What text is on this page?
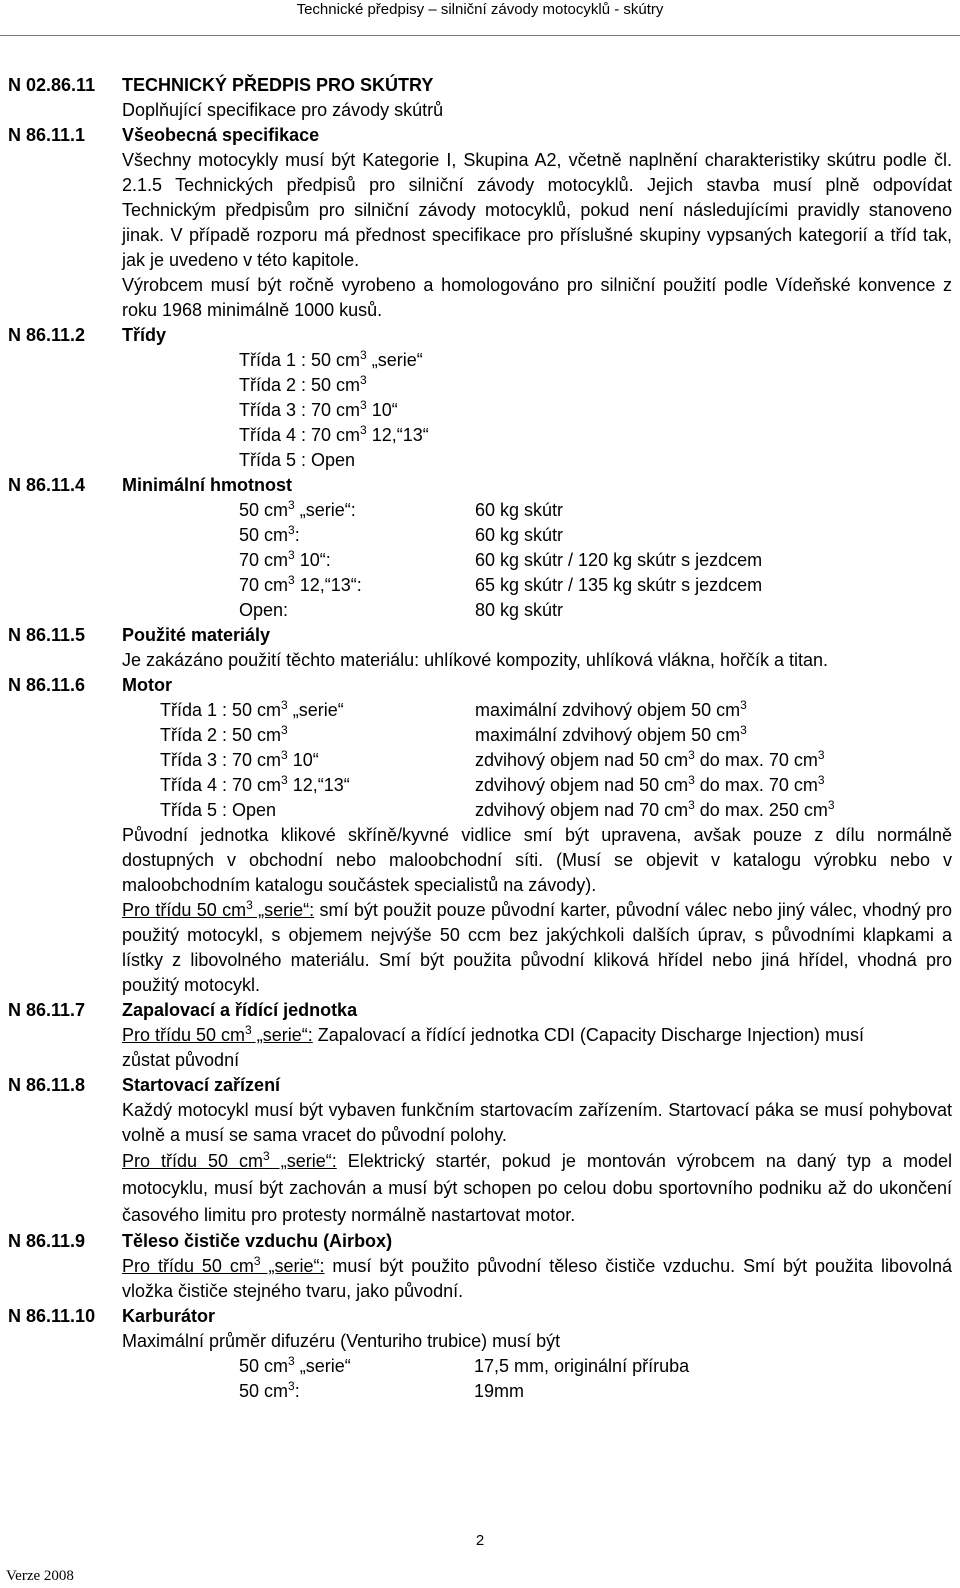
Technické předpisy – silniční závody motocyklů - skútry
N 02.86.11 TECHNICKÝ PŘEDPIS PRO SKÚTRY
Doplňující specifikace pro závody skútrů
N 86.11.1 Všeobecná specifikace

Všechny motocykly musí být Kategorie I, Skupina A2, včetně naplnění charakteristiky skútru podle čl. 2.1.5 Technických předpisů pro silniční závody motocyklů. Jejich stavba musí plně odpovídat Technickým předpisům pro silniční závody motocyklů, pokud není následujícími pravidly stanoveno jinak. V případě rozporu má přednost specifikace pro příslušné skupiny vypsaných kategorií a tříd tak, jak je uvedeno v této kapitole.

Výrobcem musí být ročně vyrobeno a homologováno pro silniční použití podle Vídeňské konvence z roku 1968 minimálně 1000 kusů.

N 86.11.2 Třídy
Třída 1 : 50 $cm^3$ „serie“
Třída 2 : 50 $cm^3$
Třída 3 : 70 $cm^3$ 10“
Třída 4 : 70 $cm^3$ 12,“13“
Třída 5 : Open
N 86.11.4 Minimální hmotnost
50 $cm^3$ „serie“:	60 kg skútr
50 $cm^3$:	60 kg skútr
70 $cm^3$ 10“:	60 kg skútr / 120 kg skútr s jezdcem
70 $cm^3$ 12,“13“:	65 kg skútr / 135 kg skútr s jezdcem
Open:	80 kg skútr
N 86.11.5 Použité materiály

Je zakázáno použití těchto materiálu: uhlíkové kompozity, uhlíková vlákna, hořčík a titan.

N 86.11.6 Motor
Třída 1 : 50 $cm^3$ „serie“	maximální zdvihový objem 50 $cm^3$
Třída 2 : 50 $cm^3$	maximální zdvihový objem 50 $cm^3$
Třída 3 : 70 $cm^3$ 10“	zdvihový objem nad 50 $cm^3$ do max. 70 $cm^3$
Třída 4 : 70 $cm^3$ 12,“13“	zdvihový objem nad 50 $cm^3$ do max. 70 $cm^3$
Třída 5 : Open	zdvihový objem nad 70 $cm^3$ do max. 250 $cm^3$

Původní jednotka klikové skříně/kyvné vidlice smí být upravena, avšak pouze z dílu normálně dostupných v obchodní nebo maloobchodní síti. (Musí se objevit v katalogu výrobku nebo v maloobchodním katalogu součástek specialistů na závody).

Pro třídu 50 $cm^3$ „serie“: smí být použit pouze původní karter, původní válec nebo jiný válec, vhodný pro použitý motocykl, s objemem nejvýše 50 ccm bez jakýchkoli dalších úprav, s původními klapkami a lístky z libovolného materiálu. Smí být použita původní kliková hřídel nebo jiná hřídel, vhodná pro použitý motocykl.

N 86.11.7 Zapalovací a řídící jednotka

Pro třídu 50 $cm^3$ „serie“: Zapalovací a řídící jednotka CDI (Capacity Discharge Injection) musí zůstat původní

N 86.11.8 Startovací zařízení

Každý motocykl musí být vybaven funkčním startovacím zařízením. Startovací páka se musí pohybovat volně a musí se sama vracet do původní polohy.

Pro třídu 50 $cm^3$ „serie“: Elektrický startér, pokud je montován výrobcem na daný typ a model motocyklu, musí být zachován a musí být schopen po celou dobu sportovního podniku až do ukončení časového limitu pro protesty normálně nastartovat motor.

N 86.11.9 Těleso čističe vzduchu (Airbox)

Pro třídu 50 $cm^3$ „serie“: musí být použito původní těleso čističe vzduchu. Smí být použita libovolná vložka čističe stejného tvaru, jako původní.

N 86.11.10 Karburátor

Maximální průměr difuzéru (Venturiho trubice) musí být

50 $cm^3$ „serie“	17,5 mm, originální příruba
50 $cm^3$:	19mm
2
Verze 2008
